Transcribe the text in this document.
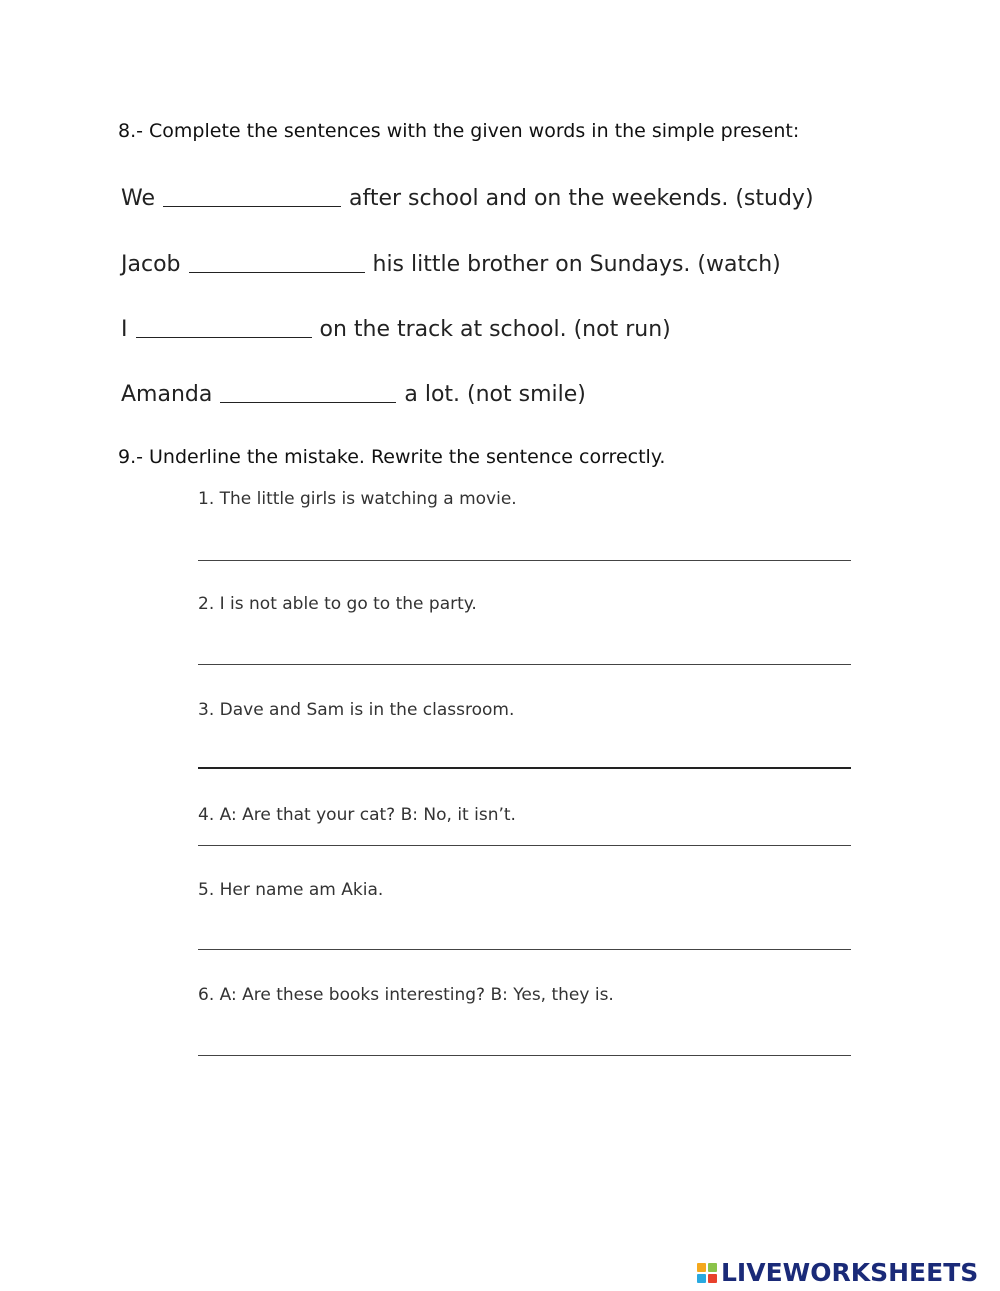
8.- Complete the sentences with the given words in the simple present:
We	after school and on the weekends. (study)
Jacob	his little brother on Sundays. (watch)
I	on the track at school. (not run)
Amanda	a lot. (not smile)
9.- Underline the mistake. Rewrite the sentence correctly.
1. The little girls is watching a movie.
2. I is not able to go to the party.
3. Dave and Sam is in the classroom.
4. A: Are that your cat? B: No, it isn’t.
5. Her name am Akia.
6. A: Are these books interesting? B: Yes, they is.
LIVEWORKSHEETS
